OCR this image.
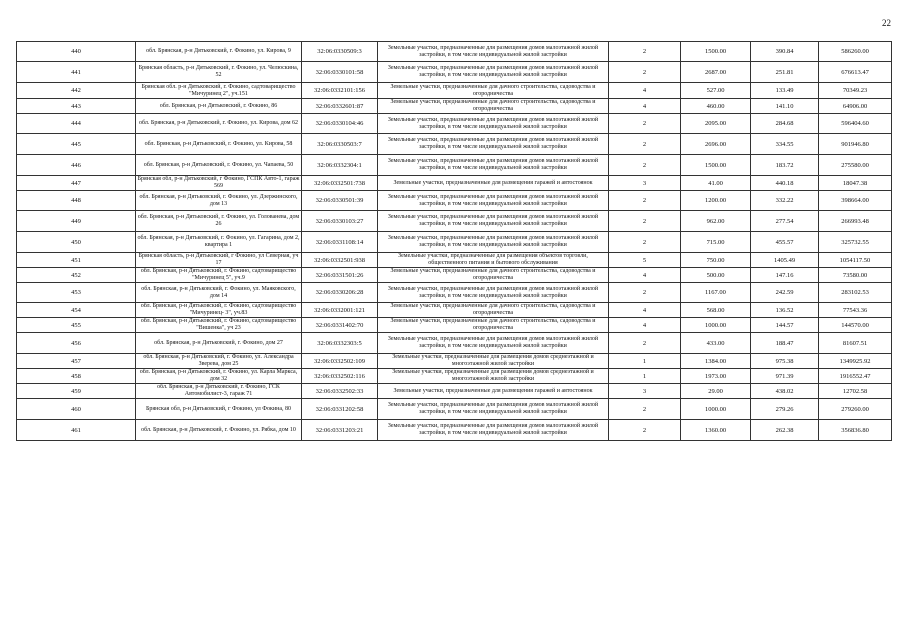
22
440	обл. Брянская, р-н Дятьковский, г. Фокино, ул. Кирова, 9	32:06:0330509:3	Земельные участки, предназначенные для размещения домов малоэтажной жилой застройки, в том числе индивидуальной жилой застройки	2	1500.00	390.84	586260.00
441	Брянская область, р-н Дятьковский, г. Фокино, ул. Челюскина, 52	32:06:0330101:58	Земельные участки, предназначенные для размещения домов малоэтажной жилой застройки, в том числе индивидуальной жилой застройки	2	2687.00	251.81	676613.47
442	Брянская обл. р-н Дятьковский, г. Фокино, садтоварищество "Мичуринец 2", уч.151	32:06:0332101:156	Земельные участки, предназначенные для дачного строительства, садоводства и огородничества	4	527.00	133.49	70349.23
443	обл. Брянская, р-н Дятьковский, г. Фокино, 86	32:06:0332601:87	Земельные участки, предназначенные для дачного строительства, садоводства и огородничества	4	460.00	141.10	64906.00
444	обл. Брянская, р-н Дятьковский, г. Фокино, ул. Кирова, дом 62	32:06:0330104:46	Земельные участки, предназначенные для размещения домов малоэтажной жилой застройки, в том числе индивидуальной жилой застройки	2	2095.00	284.68	596404.60
445	обл. Брянская, р-н Дятьковский, г. Фокино, ул. Кирова, 58	32:06:0330503:7	Земельные участки, предназначенные для размещения домов малоэтажной жилой застройки, в том числе индивидуальной жилой застройки	2	2696.00	334.55	901946.80
446	обл. Брянская, р-н Дятьковский, г. Фокино, ул. Чапаева, 50	32:06:0332304:1	Земельные участки, предназначенные для размещения домов малоэтажной жилой застройки, в том числе индивидуальной жилой застройки	2	1500.00	183.72	275580.00
447	Брянская обл, р-н Дятьковский, г Фокино, ГСПК Авто-1, гараж 569	32:06:0332501:738	Земельные участки, предназначенные для размещения гаражей и автостоянок	3	41.00	440.18	18047.38
448	обл. Брянская, р-н Дятьковский, г. Фокино, ул. Дзержинского, дом 13	32:06:0330501:39	Земельные участки, предназначенные для размещения домов малоэтажной жилой застройки, в том числе индивидуальной жилой застройки	2	1200.00	332.22	398664.00
449	обл. Брянская, р-н Дятьковский, г. Фокино, ул. Голованева, дом 26	32:06:0330103:27	Земельные участки, предназначенные для размещения домов малоэтажной жилой застройки, в том числе индивидуальной жилой застройки	2	962.00	277.54	266993.48
450	обл. Брянская, р-н Дятьковский, г. Фокино, ул. Гагарина, дом 2, квартира 1	32:06:0331108:14	Земельные участки, предназначенные для размещения домов малоэтажной жилой застройки, в том числе индивидуальной жилой застройки	2	715.00	455.57	325732.55
451	Брянская область, р-н Дятьковский, г Фокино, ул Северная, уч 17	32:06:0332501:938	Земельные участки, предназначенные для размещения объектов торговли, общественного питания и бытового обслуживания	5	750.00	1405.49	1054117.50
452	обл. Брянская, р-н Дятьковский, г. Фокино, садтоварищество "Мичуринец 5", уч.9	32:06:0331501:26	Земельные участки, предназначенные для дачного строительства, садоводства и огородничества	4	500.00	147.16	73580.00
453	обл. Брянская, р-н Дятьковский, г. Фокино, ул. Маяковского, дом 14	32:06:0330206:28	Земельные участки, предназначенные для размещения домов малоэтажной жилой застройки, в том числе индивидуальной жилой застройки	2	1167.00	242.59	283102.53
454	обл. Брянская, р-н Дятьковский, г. Фокино, садтоварищество "Мичуринец- 3", уч.83	32:06:0332001:121	Земельные участки, предназначенные для дачного строительства, садоводства и огородничества	4	568.00	136.52	77543.36
455	обл. Брянская, р-н Дятьковский, г. Фокино, садтоварищество "Вишенка", уч 23	32:06:0331402:70	Земельные участки, предназначенные для дачного строительства, садоводства и огородничества	4	1000.00	144.57	144570.00
456	обл. Брянская, р-н Дятьковский, г. Фокино, дом 27	32:06:0332303:5	Земельные участки, предназначенные для размещения домов малоэтажной жилой застройки, в том числе индивидуальной жилой застройки	2	433.00	188.47	81607.51
457	обл. Брянская, р-н Дятьковский, г. Фокино, ул. Александра Зверева, дом 25	32:06:0332502:109	Земельные участки, предназначенные для размещения домов среднеэтажной и многоэтажной жилой застройки	1	1384.00	975.38	1349925.92
458	обл. Брянская, р-н Дятьковский, г. Фокино, ул. Карла Маркса, дом 32	32:06:0332502:116	Земельные участки, предназначенные для размещения домов среднеэтажной и многоэтажной жилой застройки	1	1973.00	971.39	1916552.47
459	обл. Брянская, р-н Дятьковский, г. Фокино, ГСК Автомобилист-3, гараж 71	32:06:0332502:33	Земельные участки, предназначенные для размещения гаражей и автостоянок	3	29.00	438.02	12702.58
460	Брянская обл, р-н Дятьковский, г Фокино, ул Фокина, 80	32:06:0331202:58	Земельные участки, предназначенные для размещения домов малоэтажной жилой застройки, в том числе индивидуальной жилой застройки	2	1000.00	279.26	279260.00
461	обл. Брянская, р-н Дятьковский, г. Фокино, ул. Рябка, дом 10	32:06:0331203:21	Земельные участки, предназначенные для размещения домов малоэтажной жилой застройки, в том числе индивидуальной жилой застройки	2	1360.00	262.38	356836.80
